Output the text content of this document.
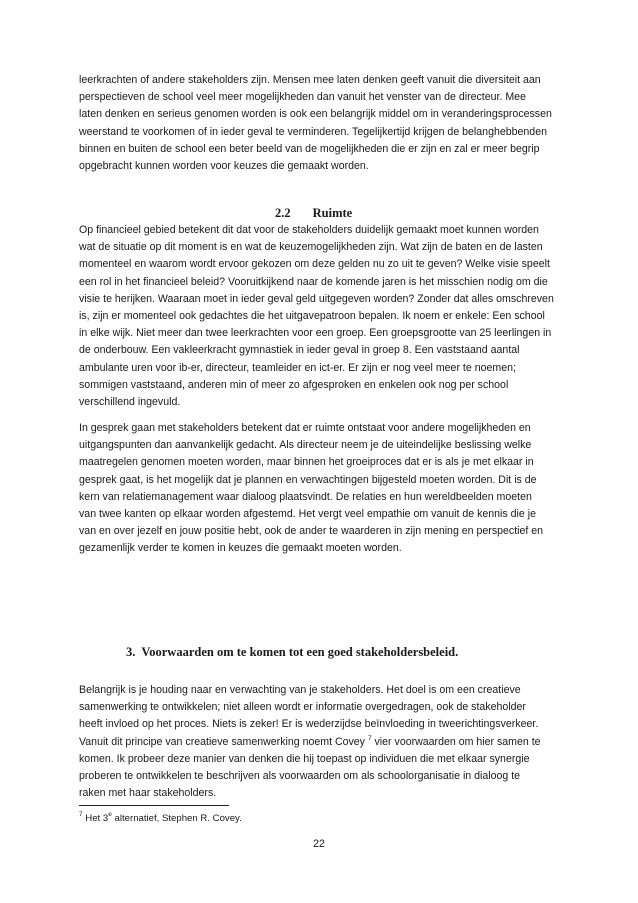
leerkrachten of andere stakeholders zijn. Mensen mee laten denken geeft vanuit die diversiteit aan
perspectieven de school veel meer mogelijkheden dan vanuit het venster van de directeur. Mee
laten denken en serieus genomen worden is ook een belangrijk middel om in veranderingsprocessen
weerstand te voorkomen of in ieder geval te verminderen. Tegelijkertijd krijgen de belanghebbenden
binnen en buiten de school een beter beeld van de mogelijkheden die er zijn en zal er meer begrip
opgebracht kunnen worden voor keuzes die gemaakt worden.
2.2 Ruimte
Op financieel gebied betekent dit dat voor de stakeholders duidelijk gemaakt moet kunnen worden
wat de situatie op dit moment is en wat de keuzemogelijkheden zijn. Wat zijn de baten en de lasten
momenteel en waarom wordt ervoor gekozen om deze gelden nu zo uit te geven? Welke visie speelt
een rol in het financieel beleid? Vooruitkijkend naar de komende jaren is het misschien nodig om die
visie te herijken. Waaraan moet in ieder geval geld uitgegeven worden? Zonder dat alles omschreven
is, zijn er momenteel ook gedachtes die het uitgavepatroon bepalen. Ik noem er enkele: Een school
in elke wijk. Niet meer dan twee leerkrachten voor een groep. Een groepsgrootte van 25 leerlingen in
de onderbouw. Een vakleerkracht gymnastiek in ieder geval in groep 8. Een vaststaand aantal
ambulante uren voor ib-er, directeur, teamleider en ict-er. Er zijn er nog veel meer te noemen;
sommigen vaststaand, anderen min of meer zo afgesproken en enkelen ook nog per school
verschillend ingevuld.
In gesprek gaan met stakeholders betekent dat er ruimte ontstaat voor andere mogelijkheden en
uitgangspunten dan aanvankelijk gedacht. Als directeur neem je de uiteindelijke beslissing welke
maatregelen genomen moeten worden, maar binnen het groeiproces dat er is als je met elkaar in
gesprek gaat, is het mogelijk dat je plannen en verwachtingen bijgesteld moeten worden. Dit is de
kern van relatiemanagement waar dialoog plaatsvindt. De relaties en hun wereldbeelden moeten
van twee kanten op elkaar worden afgestemd. Het vergt veel empathie om vanuit de kennis die je
van en over jezelf en jouw positie hebt, ook de ander te waarderen in zijn mening en perspectief en
gezamenlijk verder te komen in keuzes die gemaakt moeten worden.
3. Voorwaarden om te komen tot een goed stakeholdersbeleid.
Belangrijk is je houding naar en verwachting van je stakeholders. Het doel is om een creatieve
samenwerking te ontwikkelen; niet alleen wordt er informatie overgedragen, ook de stakeholder
heeft invloed op het proces. Niets is zeker! Er is wederzijdse beïnvloeding in tweerichtingsverkeer.
Vanuit dit principe van creatieve samenwerking noemt Covey $^7$ vier voorwaarden om hier samen te
komen. Ik probeer deze manier van denken die hij toepast op individuen die met elkaar synergie
proberen te ontwikkelen te beschrijven als voorwaarden om als schoolorganisatie in dialoog te
raken met haar stakeholders.
$^7$ Het 3e alternatief, Stephen R. Covey.
22
